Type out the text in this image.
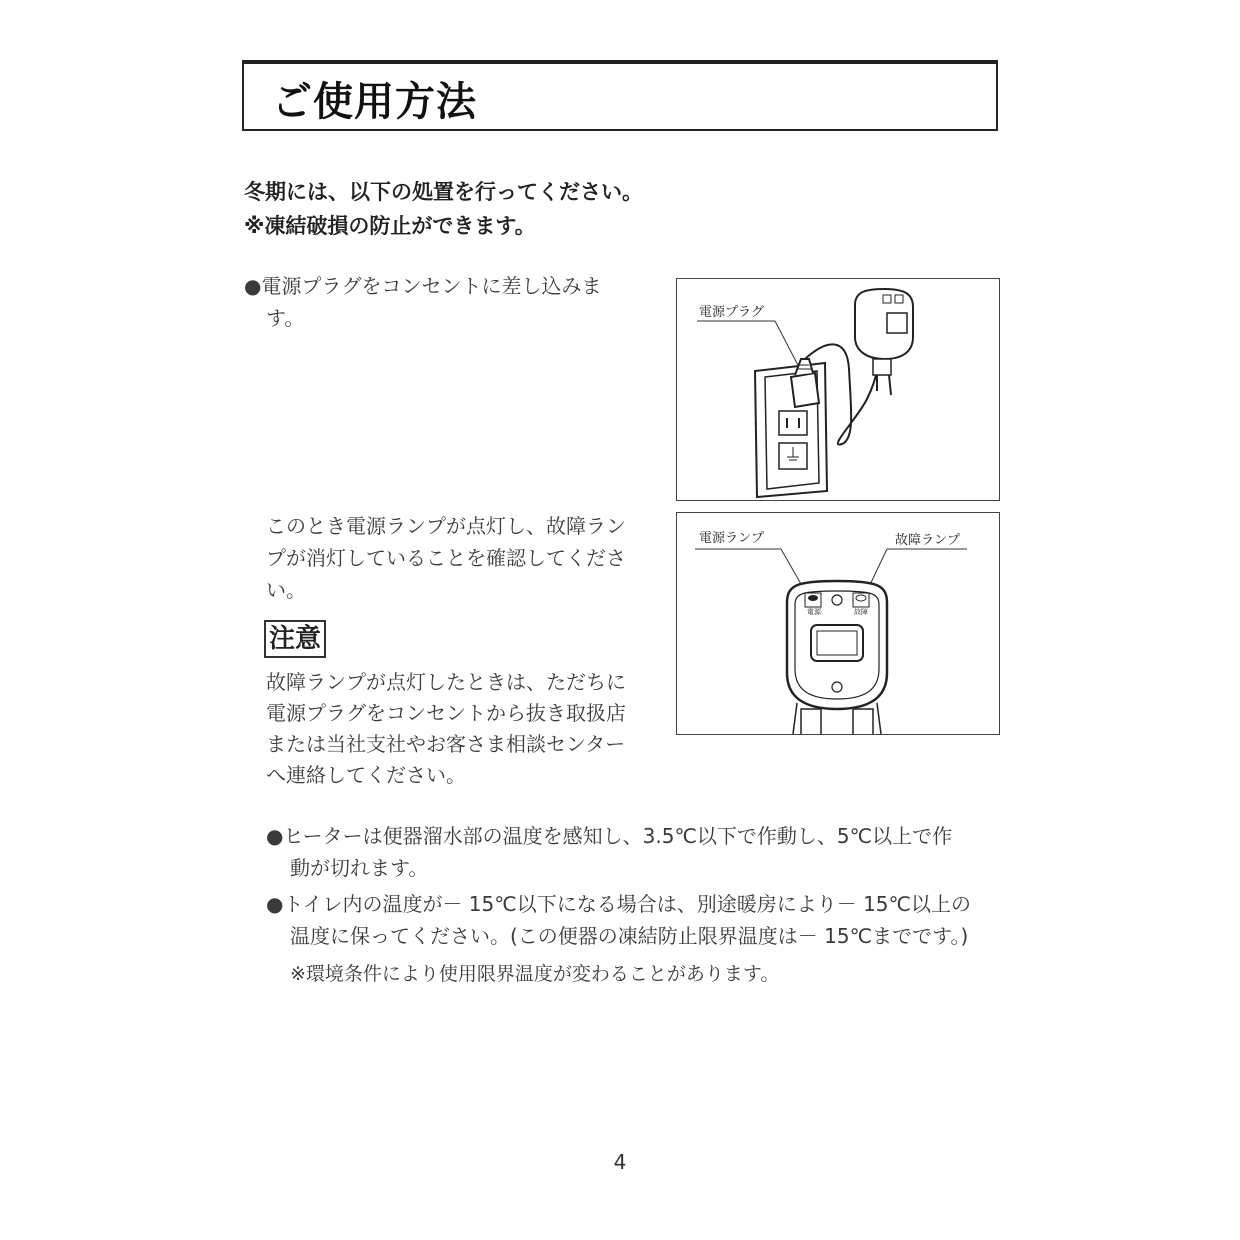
ご使用方法
冬期には、以下の処置を行ってください。
※凍結破損の防止ができます。
●電源プラグをコンセントに差し込みま
す。	電源プラグ
このとき電源ランプが点灯し、故障ラン
プが消灯していることを確認してくださ
い。
電源ランプ	故障ランプ
電源	故障
注意
故障ランプが点灯したときは、ただちに
電源プラグをコンセントから抜き取扱店
または当社支社やお客さま相談センター
へ連絡してください。
●ヒーターは便器溜水部の温度を感知し、3.5℃以下で作動し、5℃以上で作
動が切れます。
●トイレ内の温度が－ 15℃以下になる場合は、別途暖房により－ 15℃以上の
温度に保ってください。(この便器の凍結防止限界温度は－ 15℃までです。)
※環境条件により使用限界温度が変わることがあります。
4
